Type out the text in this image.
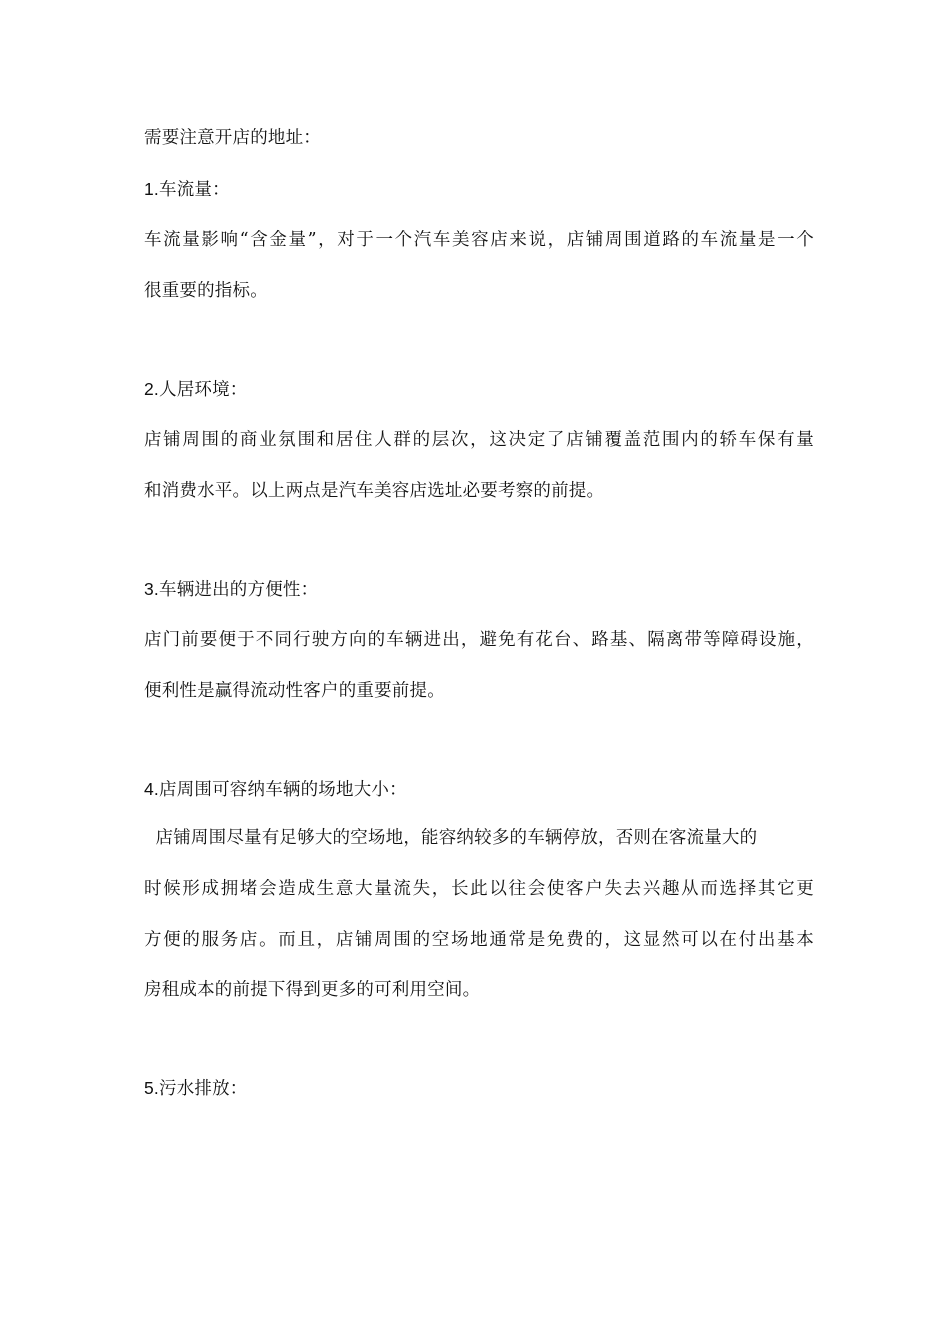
需要注意开店的地址：
1.车流量：
车流量影响“含金量”，对于一个汽车美容店来说，店铺周围道路的车流量是一个
很重要的指标。
2.人居环境：
店铺周围的商业氛围和居住人群的层次，这决定了店铺覆盖范围内的轿车保有量
和消费水平。以上两点是汽车美容店选址必要考察的前提。
3.车辆进出的方便性：
店门前要便于不同行驶方向的车辆进出，避免有花台、路基、隔离带等障碍设施，
便利性是赢得流动性客户的重要前提。
4.店周围可容纳车辆的场地大小：
店铺周围尽量有足够大的空场地，能容纳较多的车辆停放，否则在客流量大的
时候形成拥堵会造成生意大量流失，长此以往会使客户失去兴趣从而选择其它更
方便的服务店。而且，店铺周围的空场地通常是免费的，这显然可以在付出基本
房租成本的前提下得到更多的可利用空间。
5.污水排放：
